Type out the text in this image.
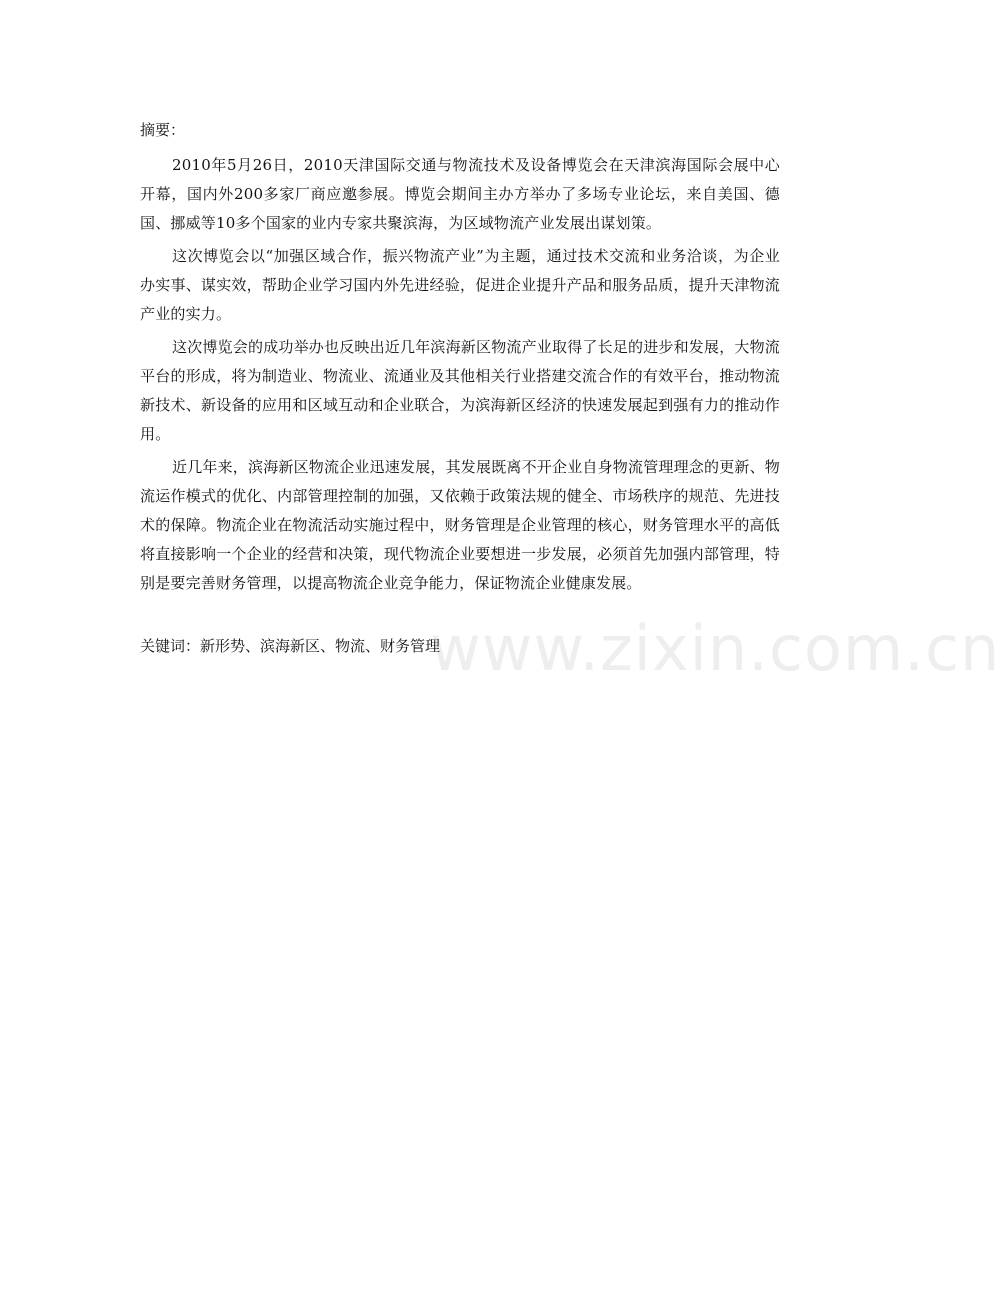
摘要：

2010年5月26日，2010天津国际交通与物流技术及设备博览会在天津滨海国际会展中心开幕，国内外200多家厂商应邀参展。博览会期间主办方举办了多场专业论坛，来自美国、德国、挪威等10多个国家的业内专家共聚滨海，为区域物流产业发展出谋划策。

这次博览会以“加强区域合作，振兴物流产业”为主题，通过技术交流和业务洽谈，为企业办实事、谋实效，帮助企业学习国内外先进经验，促进企业提升产品和服务品质，提升天津物流产业的实力。

这次博览会的成功举办也反映出近几年滨海新区物流产业取得了长足的进步和发展，大物流平台的形成，将为制造业、物流业、流通业及其他相关行业搭建交流合作的有效平台，推动物流新技术、新设备的应用和区域互动和企业联合，为滨海新区经济的快速发展起到强有力的推动作用。

近几年来，滨海新区物流企业迅速发展，其发展既离不开企业自身物流管理理念的更新、物流运作模式的优化、内部管理控制的加强，又依赖于政策法规的健全、市场秩序的规范、先进技术的保障。物流企业在物流活动实施过程中，财务管理是企业管理的核心，财务管理水平的高低将直接影响一个企业的经营和决策，现代物流企业要想进一步发展，必须首先加强内部管理，特别是要完善财务管理，以提高物流企业竞争能力，保证物流企业健康发展。

关键词：新形势、滨海新区、物流、财务管理
www.zixin.com.cn
